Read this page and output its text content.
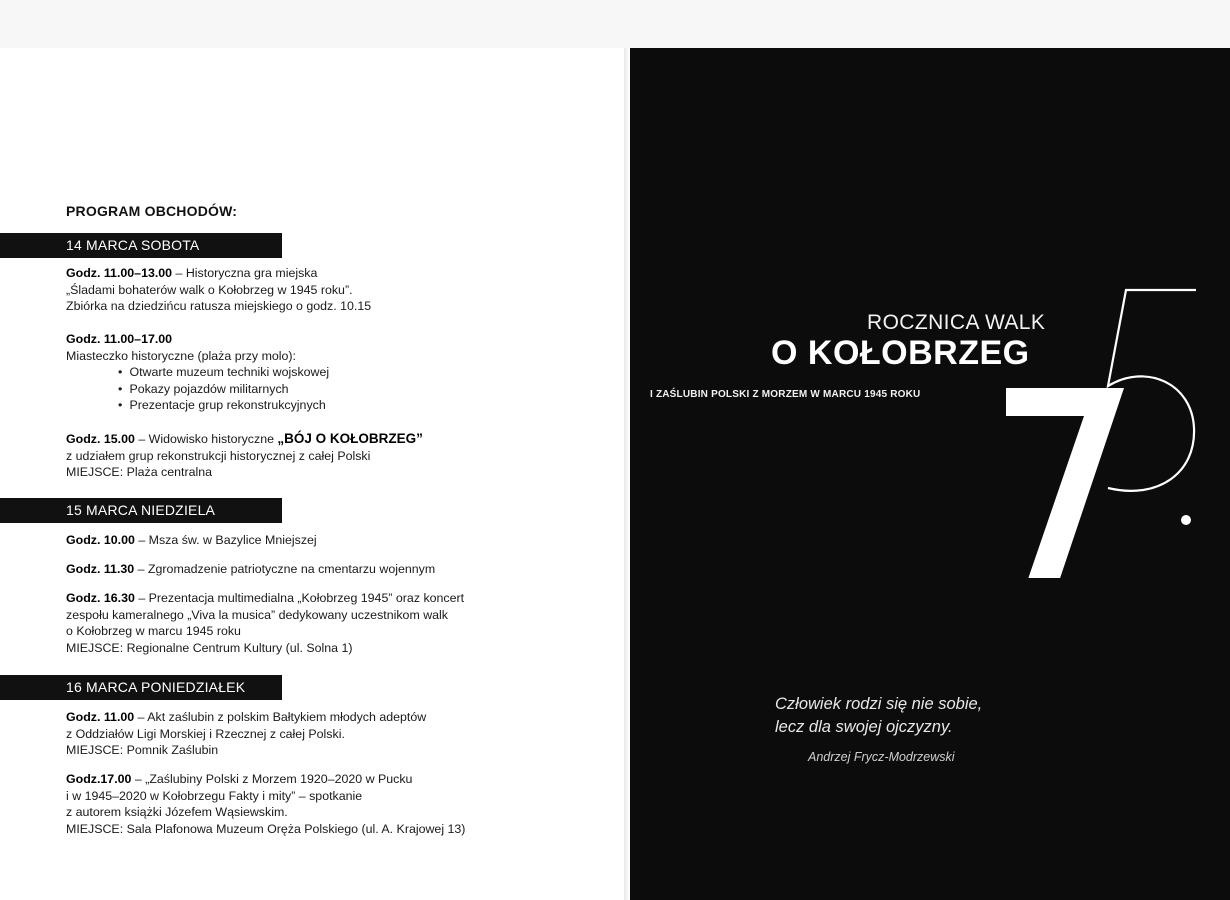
PROGRAM OBCHODÓW:
14 MARCA SOBOTA
Godz. 11.00–13.00 – Historyczna gra miejska
„Śladami bohaterów walk o Kołobrzeg w 1945 roku”.
Zbiórka na dziedzińcu ratusza miejskiego o godz. 10.15
Godz. 11.00–17.00
Miasteczko historyczne (plaża przy molo):
• Otwarte muzeum techniki wojskowej
• Pokazy pojazdów militarnych
• Prezentacje grup rekonstrukcyjnych
Godz. 15.00 – Widowisko historyczne „BÓJ O KOŁOBRZEG”
z udziałem grup rekonstrukcji historycznej z całej Polski
MIEJSCE: Plaża centralna
15 MARCA NIEDZIELA
Godz. 10.00 – Msza św. w Bazylice Mniejszej
Godz. 11.30 – Zgromadzenie patriotyczne na cmentarzu wojennym
Godz. 16.30 – Prezentacja multimedialna „Kołobrzeg 1945” oraz koncert
zespołu kameralnego „Viva la musica” dedykowany uczestnikom walk
o Kołobrzeg w marcu 1945 roku
MIEJSCE: Regionalne Centrum Kultury (ul. Solna 1)
16 MARCA PONIEDZIAŁEK
Godz. 11.00 – Akt zaślubin z polskim Bałtykiem młodych adeptów
z Oddziałów Ligi Morskiej i Rzecznej z całej Polski.
MIEJSCE: Pomnik Zaślubin
Godz.17.00 – „Zaślubiny Polski z Morzem 1920–2020 w Pucku
i w 1945–2020 w Kołobrzegu Fakty i mity” – spotkanie
z autorem książki Józefem Wąsiewskim.
MIEJSCE: Sala Plafonowa Muzeum Oręża Polskiego (ul. A. Krajowej 13)
ROCZNICA WALK
O KOŁOBRZEG
I ZAŚLUBIN POLSKI Z MORZEM W MARCU 1945 ROKU
Człowiek rodzi się nie sobie,
lecz dla swojej ojczyzny.
Andrzej Frycz-Modrzewski
